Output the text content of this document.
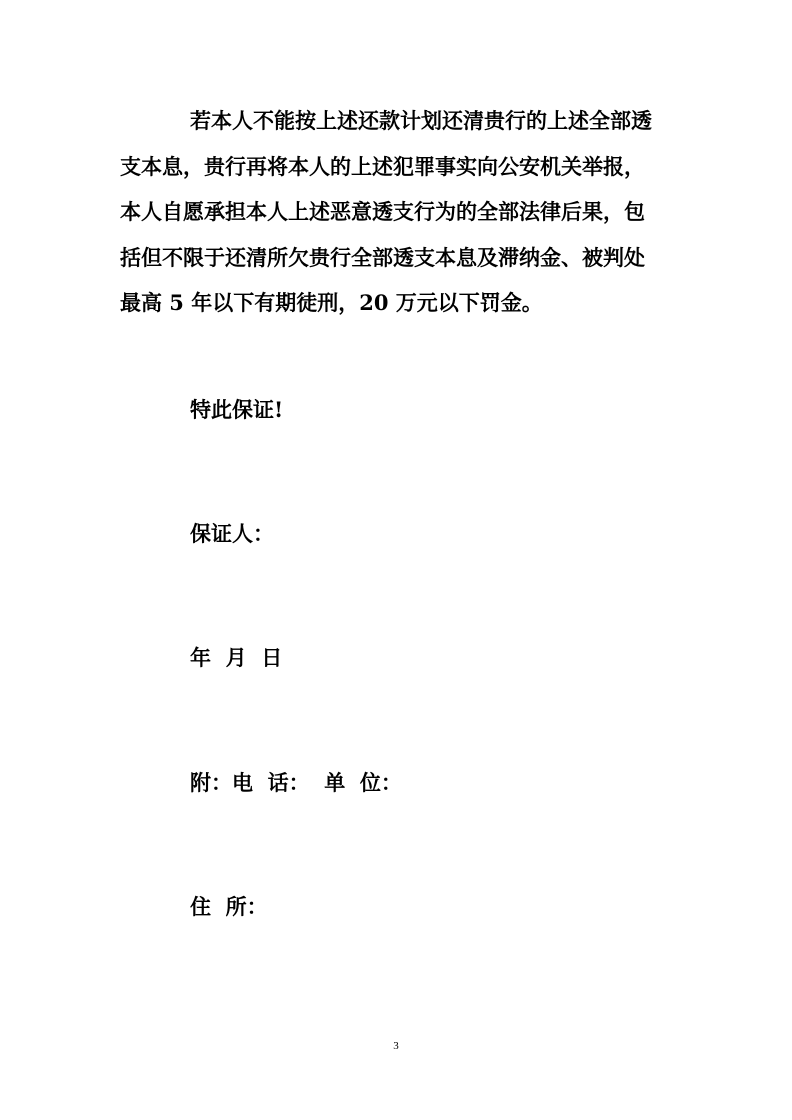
若本人不能按上述还款计划还清贵行的上述全部透
支本息，贵行再将本人的上述犯罪事实向公安机关举报，
本人自愿承担本人上述恶意透支行为的全部法律后果，包
括但不限于还清所欠贵行全部透支本息及滞纳金、被判处
最高 5 年以下有期徒刑，20 万元以下罚金。

特此保证!

保证人：

年  月  日

附：电  话：  单  位：

住  所：

3
